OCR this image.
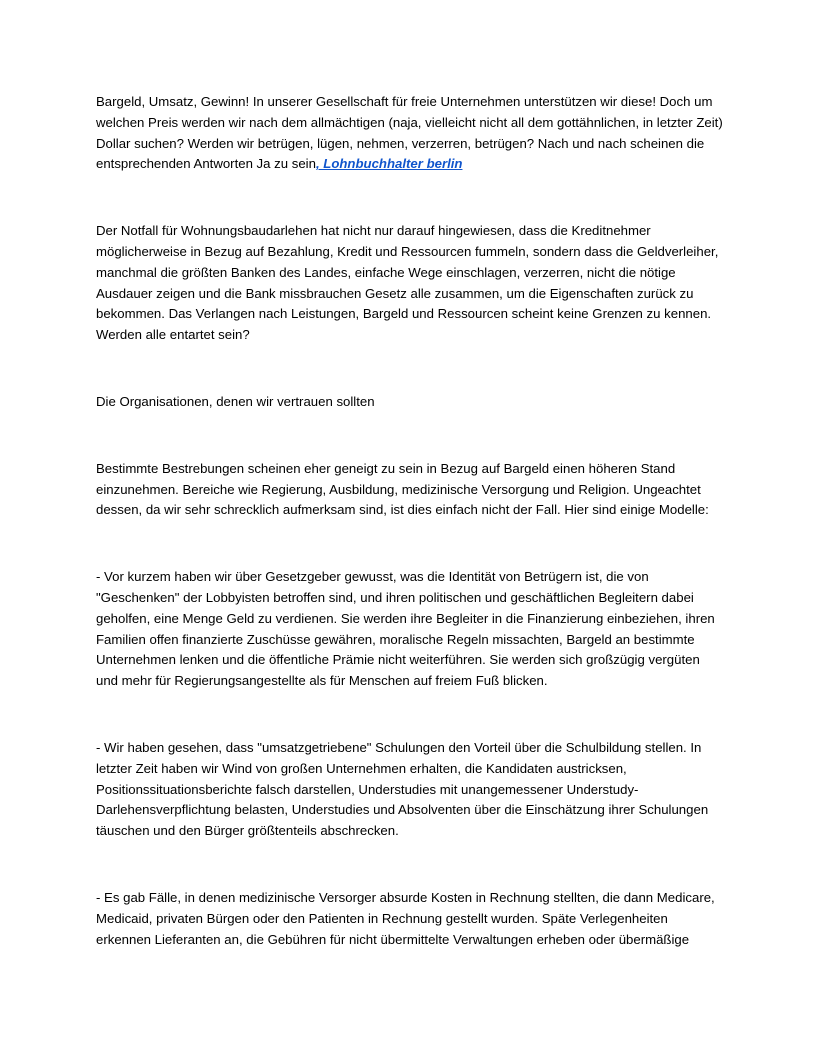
Bargeld, Umsatz, Gewinn! In unserer Gesellschaft für freie Unternehmen unterstützen wir diese! Doch um welchen Preis werden wir nach dem allmächtigen (naja, vielleicht nicht all dem gottähnlichen, in letzter Zeit) Dollar suchen? Werden wir betrügen, lügen, nehmen, verzerren, betrügen? Nach und nach scheinen die entsprechenden Antworten Ja zu sein, Lohnbuchhalter berlin

Der Notfall für Wohnungsbaudarlehen hat nicht nur darauf hingewiesen, dass die Kreditnehmer möglicherweise in Bezug auf Bezahlung, Kredit und Ressourcen fummeln, sondern dass die Geldverleiher, manchmal die größten Banken des Landes, einfache Wege einschlagen, verzerren, nicht die nötige Ausdauer zeigen und die Bank missbrauchen Gesetz alle zusammen, um die Eigenschaften zurück zu bekommen. Das Verlangen nach Leistungen, Bargeld und Ressourcen scheint keine Grenzen zu kennen. Werden alle entartet sein?

Die Organisationen, denen wir vertrauen sollten

Bestimmte Bestrebungen scheinen eher geneigt zu sein in Bezug auf Bargeld einen höheren Stand einzunehmen. Bereiche wie Regierung, Ausbildung, medizinische Versorgung und Religion. Ungeachtet dessen, da wir sehr schrecklich aufmerksam sind, ist dies einfach nicht der Fall. Hier sind einige Modelle:

- Vor kurzem haben wir über Gesetzgeber gewusst, was die Identität von Betrügern ist, die von "Geschenken" der Lobbyisten betroffen sind, und ihren politischen und geschäftlichen Begleitern dabei geholfen, eine Menge Geld zu verdienen. Sie werden ihre Begleiter in die Finanzierung einbeziehen, ihren Familien offen finanzierte Zuschüsse gewähren, moralische Regeln missachten, Bargeld an bestimmte Unternehmen lenken und die öffentliche Prämie nicht weiterführen. Sie werden sich großzügig vergüten und mehr für Regierungsangestellte als für Menschen auf freiem Fuß blicken.

- Wir haben gesehen, dass "umsatzgetriebene" Schulungen den Vorteil über die Schulbildung stellen. In letzter Zeit haben wir Wind von großen Unternehmen erhalten, die Kandidaten austricksen, Positionssituationsberichte falsch darstellen, Understudies mit unangemessener Understudy-Darlehensverpflichtung belasten, Understudies und Absolventen über die Einschätzung ihrer Schulungen täuschen und den Bürger größtenteils abschrecken.

- Es gab Fälle, in denen medizinische Versorger absurde Kosten in Rechnung stellten, die dann Medicare, Medicaid, privaten Bürgen oder den Patienten in Rechnung gestellt wurden. Späte Verlegenheiten erkennen Lieferanten an, die Gebühren für nicht übermittelte Verwaltungen erheben oder übermäßige
